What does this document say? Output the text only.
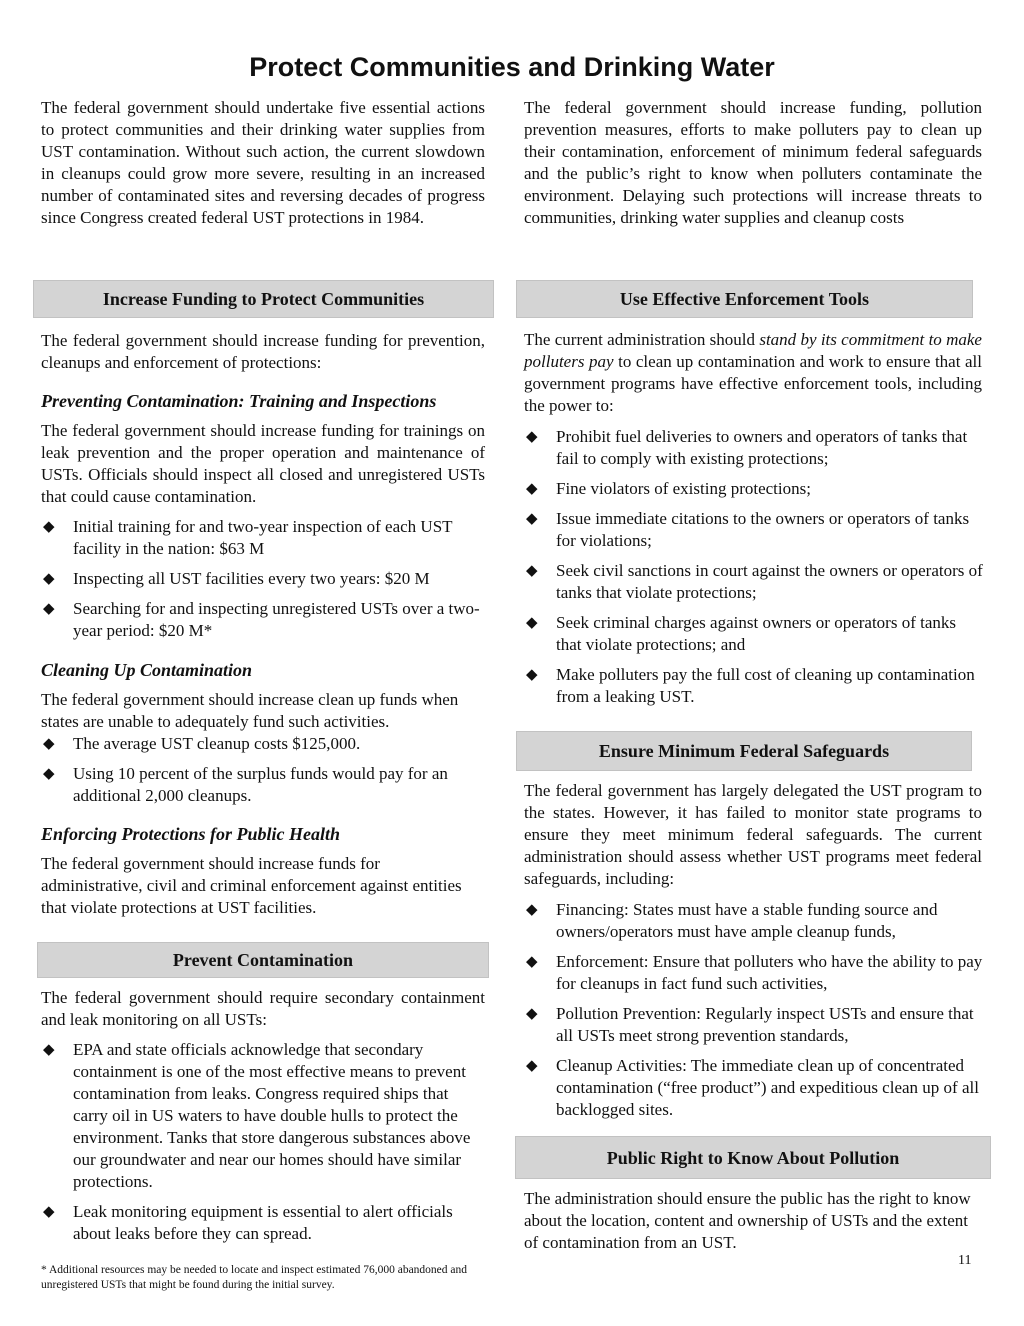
Protect Communities and Drinking Water

The federal government should undertake five essential actions to protect communities and their drinking water supplies from UST contamination. Without such action, the current slowdown in cleanups could grow more severe, resulting in an increased number of contaminated sites and reversing decades of progress since Congress created federal UST protections in 1984.

The federal government should increase funding, pollution prevention measures, efforts to make polluters pay to clean up their contamination, enforcement of minimum federal safeguards and the public’s right to know when polluters contaminate the environment. Delaying such protections will increase threats to communities, drinking water supplies and cleanup costs

Increase Funding to Protect Communities

The federal government should increase funding for prevention, cleanups and enforcement of protections:

Preventing Contamination: Training and Inspections

The federal government should increase funding for trainings on leak prevention and the proper operation and maintenance of USTs. Officials should inspect all closed and unregistered USTs that could cause contamination.

◆ Initial training for and two-year inspection of each UST facility in the nation: $63 M
◆ Inspecting all UST facilities every two years: $20 M
◆ Searching for and inspecting unregistered USTs over a two-year period: $20 M*
Cleaning Up Contamination

The federal government should increase clean up funds when states are unable to adequately fund such activities.

◆ The average UST cleanup costs $125,000.
◆ Using 10 percent of the surplus funds would pay for an additional 2,000 cleanups.
Enforcing Protections for Public Health

The federal government should increase funds for administrative, civil and criminal enforcement against entities that violate protections at UST facilities.

Prevent Contamination

The federal government should require secondary containment and leak monitoring on all USTs:

◆ EPA and state officials acknowledge that secondary containment is one of the most effective means to prevent contamination from leaks. Congress required ships that carry oil in US waters to have double hulls to protect the environment. Tanks that store dangerous substances above our groundwater and near our homes should have similar protections.
◆ Leak monitoring equipment is essential to alert officials about leaks before they can spread.

* Additional resources may be needed to locate and inspect estimated 76,000 abandoned and unregistered USTs that might be found during the initial survey.

Use Effective Enforcement Tools

The current administration should stand by its commitment to make polluters pay to clean up contamination and work to ensure that all government programs have effective enforcement tools, including the power to:

◆ Prohibit fuel deliveries to owners and operators of tanks that fail to comply with existing protections;
◆ Fine violators of existing protections;
◆ Issue immediate citations to the owners or operators of tanks for violations;
◆ Seek civil sanctions in court against the owners or operators of tanks that violate protections;
◆ Seek criminal charges against owners or operators of tanks that violate protections; and
◆ Make polluters pay the full cost of cleaning up contamination from a leaking UST.
Ensure Minimum Federal Safeguards

The federal government has largely delegated the UST program to the states. However, it has failed to monitor state programs to ensure they meet minimum federal safeguards. The current administration should assess whether UST programs meet federal safeguards, including:

◆ Financing: States must have a stable funding source and owners/operators must have ample cleanup funds,
◆ Enforcement: Ensure that polluters who have the ability to pay for cleanups in fact fund such activities,
◆ Pollution Prevention: Regularly inspect USTs and ensure that all USTs meet strong prevention standards,
◆ Cleanup Activities: The immediate clean up of concentrated contamination (“free product”) and expeditious clean up of all backlogged sites.
Public Right to Know About Pollution

The administration should ensure the public has the right to know about the location, content and ownership of USTs and the extent of contamination from an UST.

11
